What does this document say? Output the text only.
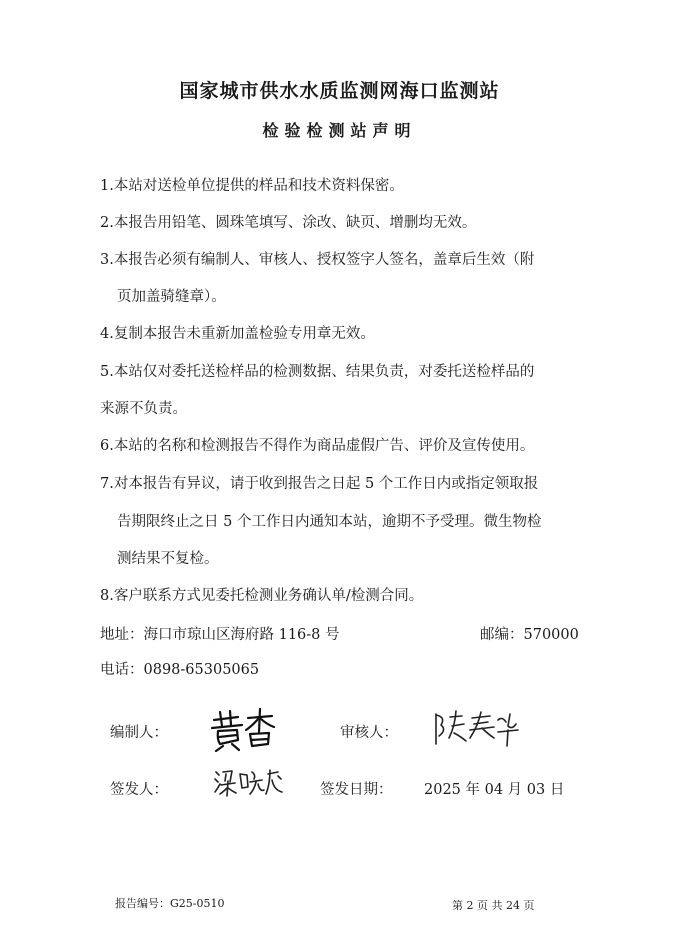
国家城市供水水质监测网海口监测站
检验检测站声明
1.本站对送检单位提供的样品和技术资料保密。
2.本报告用铅笔、圆珠笔填写、涂改、缺页、增删均无效。
3.本报告必须有编制人、审核人、授权签字人签名，盖章后生效（附
页加盖骑缝章）。
4.复制本报告未重新加盖检验专用章无效。
5.本站仅对委托送检样品的检测数据、结果负责，对委托送检样品的
来源不负责。
6.本站的名称和检测报告不得作为商品虚假广告、评价及宣传使用。
7.对本报告有异议，请于收到报告之日起 5 个工作日内或指定领取报
告期限终止之日 5 个工作日内通知本站，逾期不予受理。微生物检
测结果不复检。
8.客户联系方式见委托检测业务确认单/检测合同。
地址：海口市琼山区海府路 116-8 号	邮编：570000
电话：0898-65305065
编制人：	审核人：
签发人：	签发日期： 2025 年 04 月 03 日
报告编号：G25-0510	第 2 页 共 24 页
